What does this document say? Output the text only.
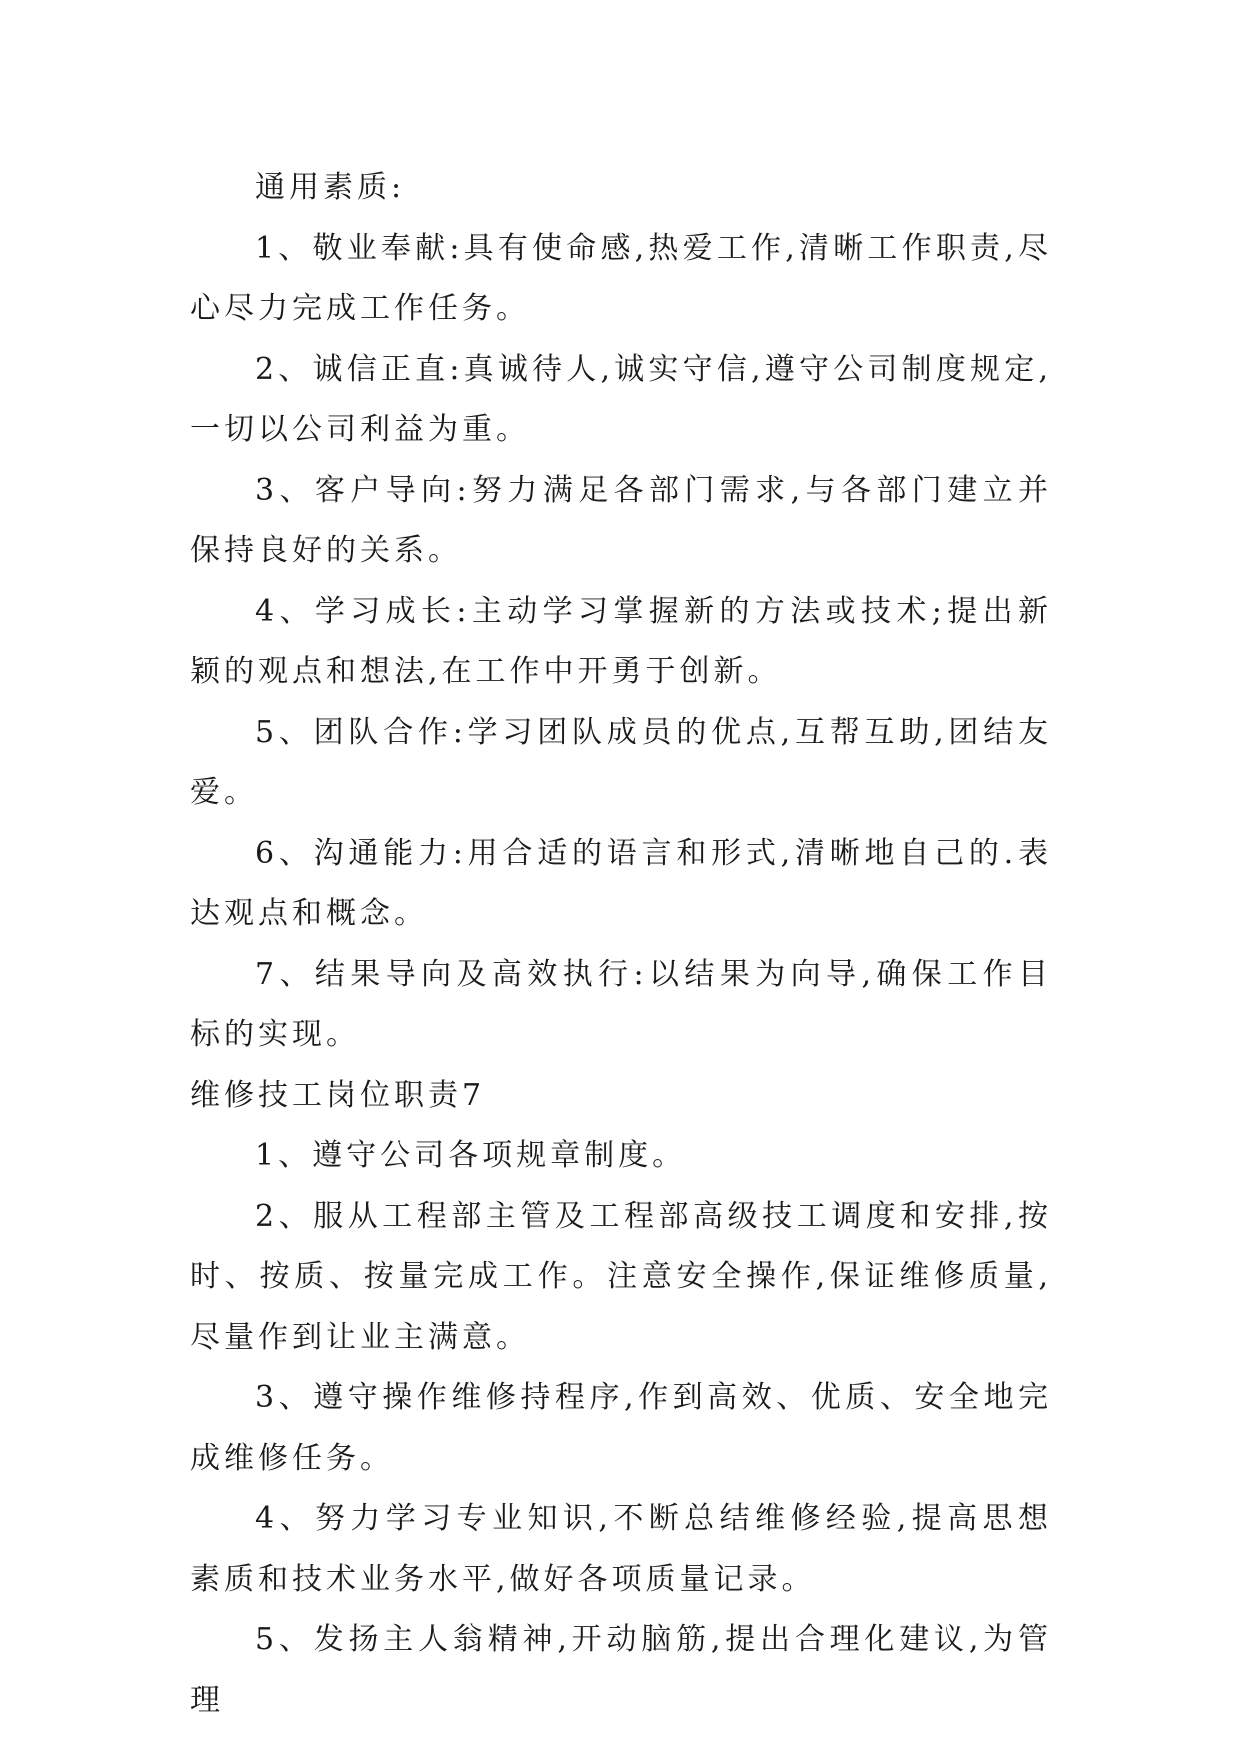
通用素质:

1、敬业奉献:具有使命感,热爱工作,清晰工作职责,尽心尽力完成工作任务。

2、诚信正直:真诚待人,诚实守信,遵守公司制度规定,一切以公司利益为重。

3、客户导向:努力满足各部门需求,与各部门建立并保持良好的关系。

4、学习成长:主动学习掌握新的方法或技术;提出新颖的观点和想法,在工作中开勇于创新。

5、团队合作:学习团队成员的优点,互帮互助,团结友爱。

6、沟通能力:用合适的语言和形式,清晰地自己的.表达观点和概念。

7、结果导向及高效执行:以结果为向导,确保工作目标的实现。

维修技工岗位职责7

1、遵守公司各项规章制度。

2、服从工程部主管及工程部高级技工调度和安排,按时、按质、按量完成工作。注意安全操作,保证维修质量,尽量作到让业主满意。

3、遵守操作维修持程序,作到高效、优质、安全地完成维修任务。

4、努力学习专业知识,不断总结维修经验,提高思想素质和技术业务水平,做好各项质量记录。

5、发扬主人翁精神,开动脑筋,提出合理化建议,为管理
